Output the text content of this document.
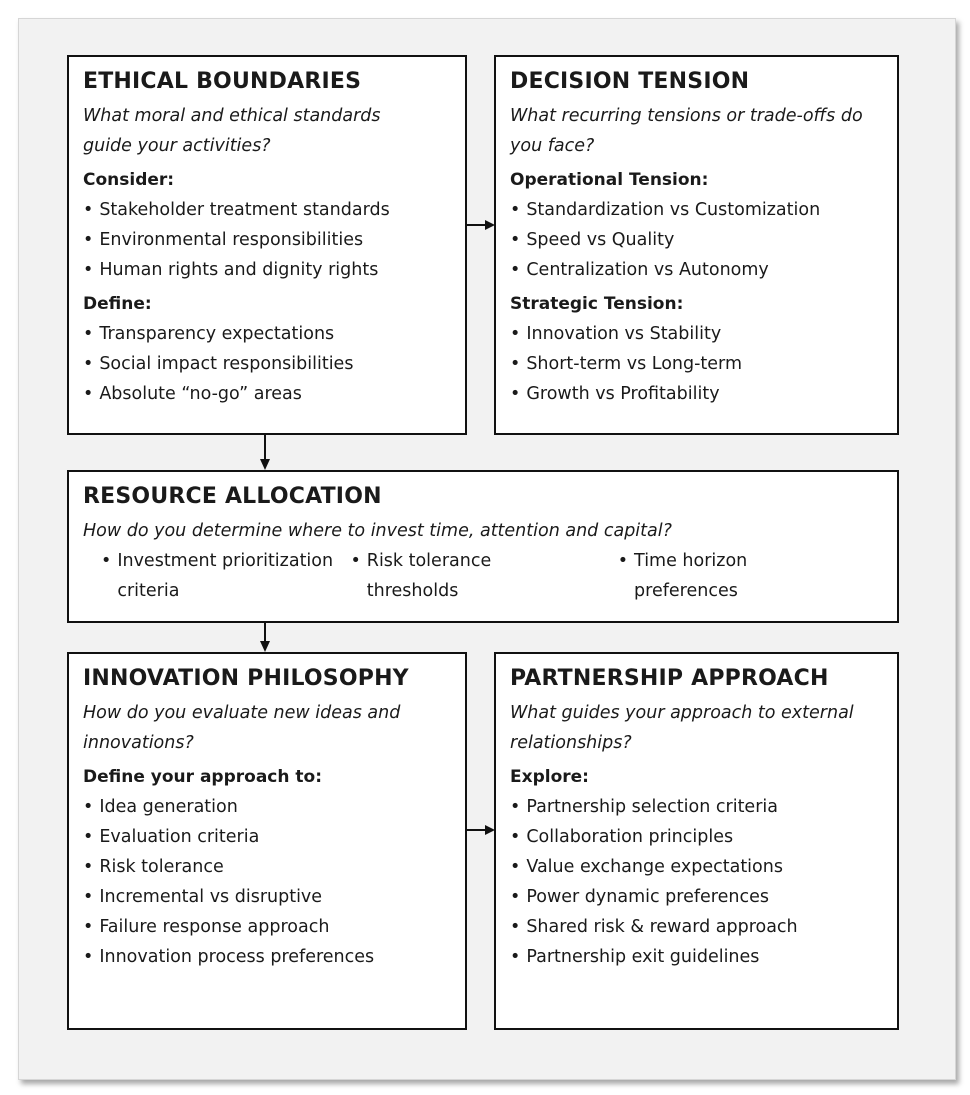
ETHICAL BOUNDARIES

What moral and ethical standards guide your activities?

Consider:

• Stakeholder treatment standards
• Environmental responsibilities
• Human rights and dignity rights

Define:

• Transparency expectations
• Social impact responsibilities
• Absolute “no-go” areas
DECISION TENSION

What recurring tensions or trade-offs do you face?

Operational Tension:

• Standardization vs Customization
• Speed vs Quality
• Centralization vs Autonomy

Strategic Tension:

• Innovation vs Stability
• Short-term vs Long-term
• Growth vs Profitability
RESOURCE ALLOCATION

How do you determine where to invest time, attention and capital?

• Investment prioritization criteria
• Risk tolerance thresholds
• Time horizon preferences
INNOVATION PHILOSOPHY

How do you evaluate new ideas and innovations?

Define your approach to:

• Idea generation
• Evaluation criteria
• Risk tolerance
• Incremental vs disruptive
• Failure response approach
• Innovation process preferences
PARTNERSHIP APPROACH

What guides your approach to external relationships?

Explore:

• Partnership selection criteria
• Collaboration principles
• Value exchange expectations
• Power dynamic preferences
• Shared risk & reward approach
• Partnership exit guidelines
